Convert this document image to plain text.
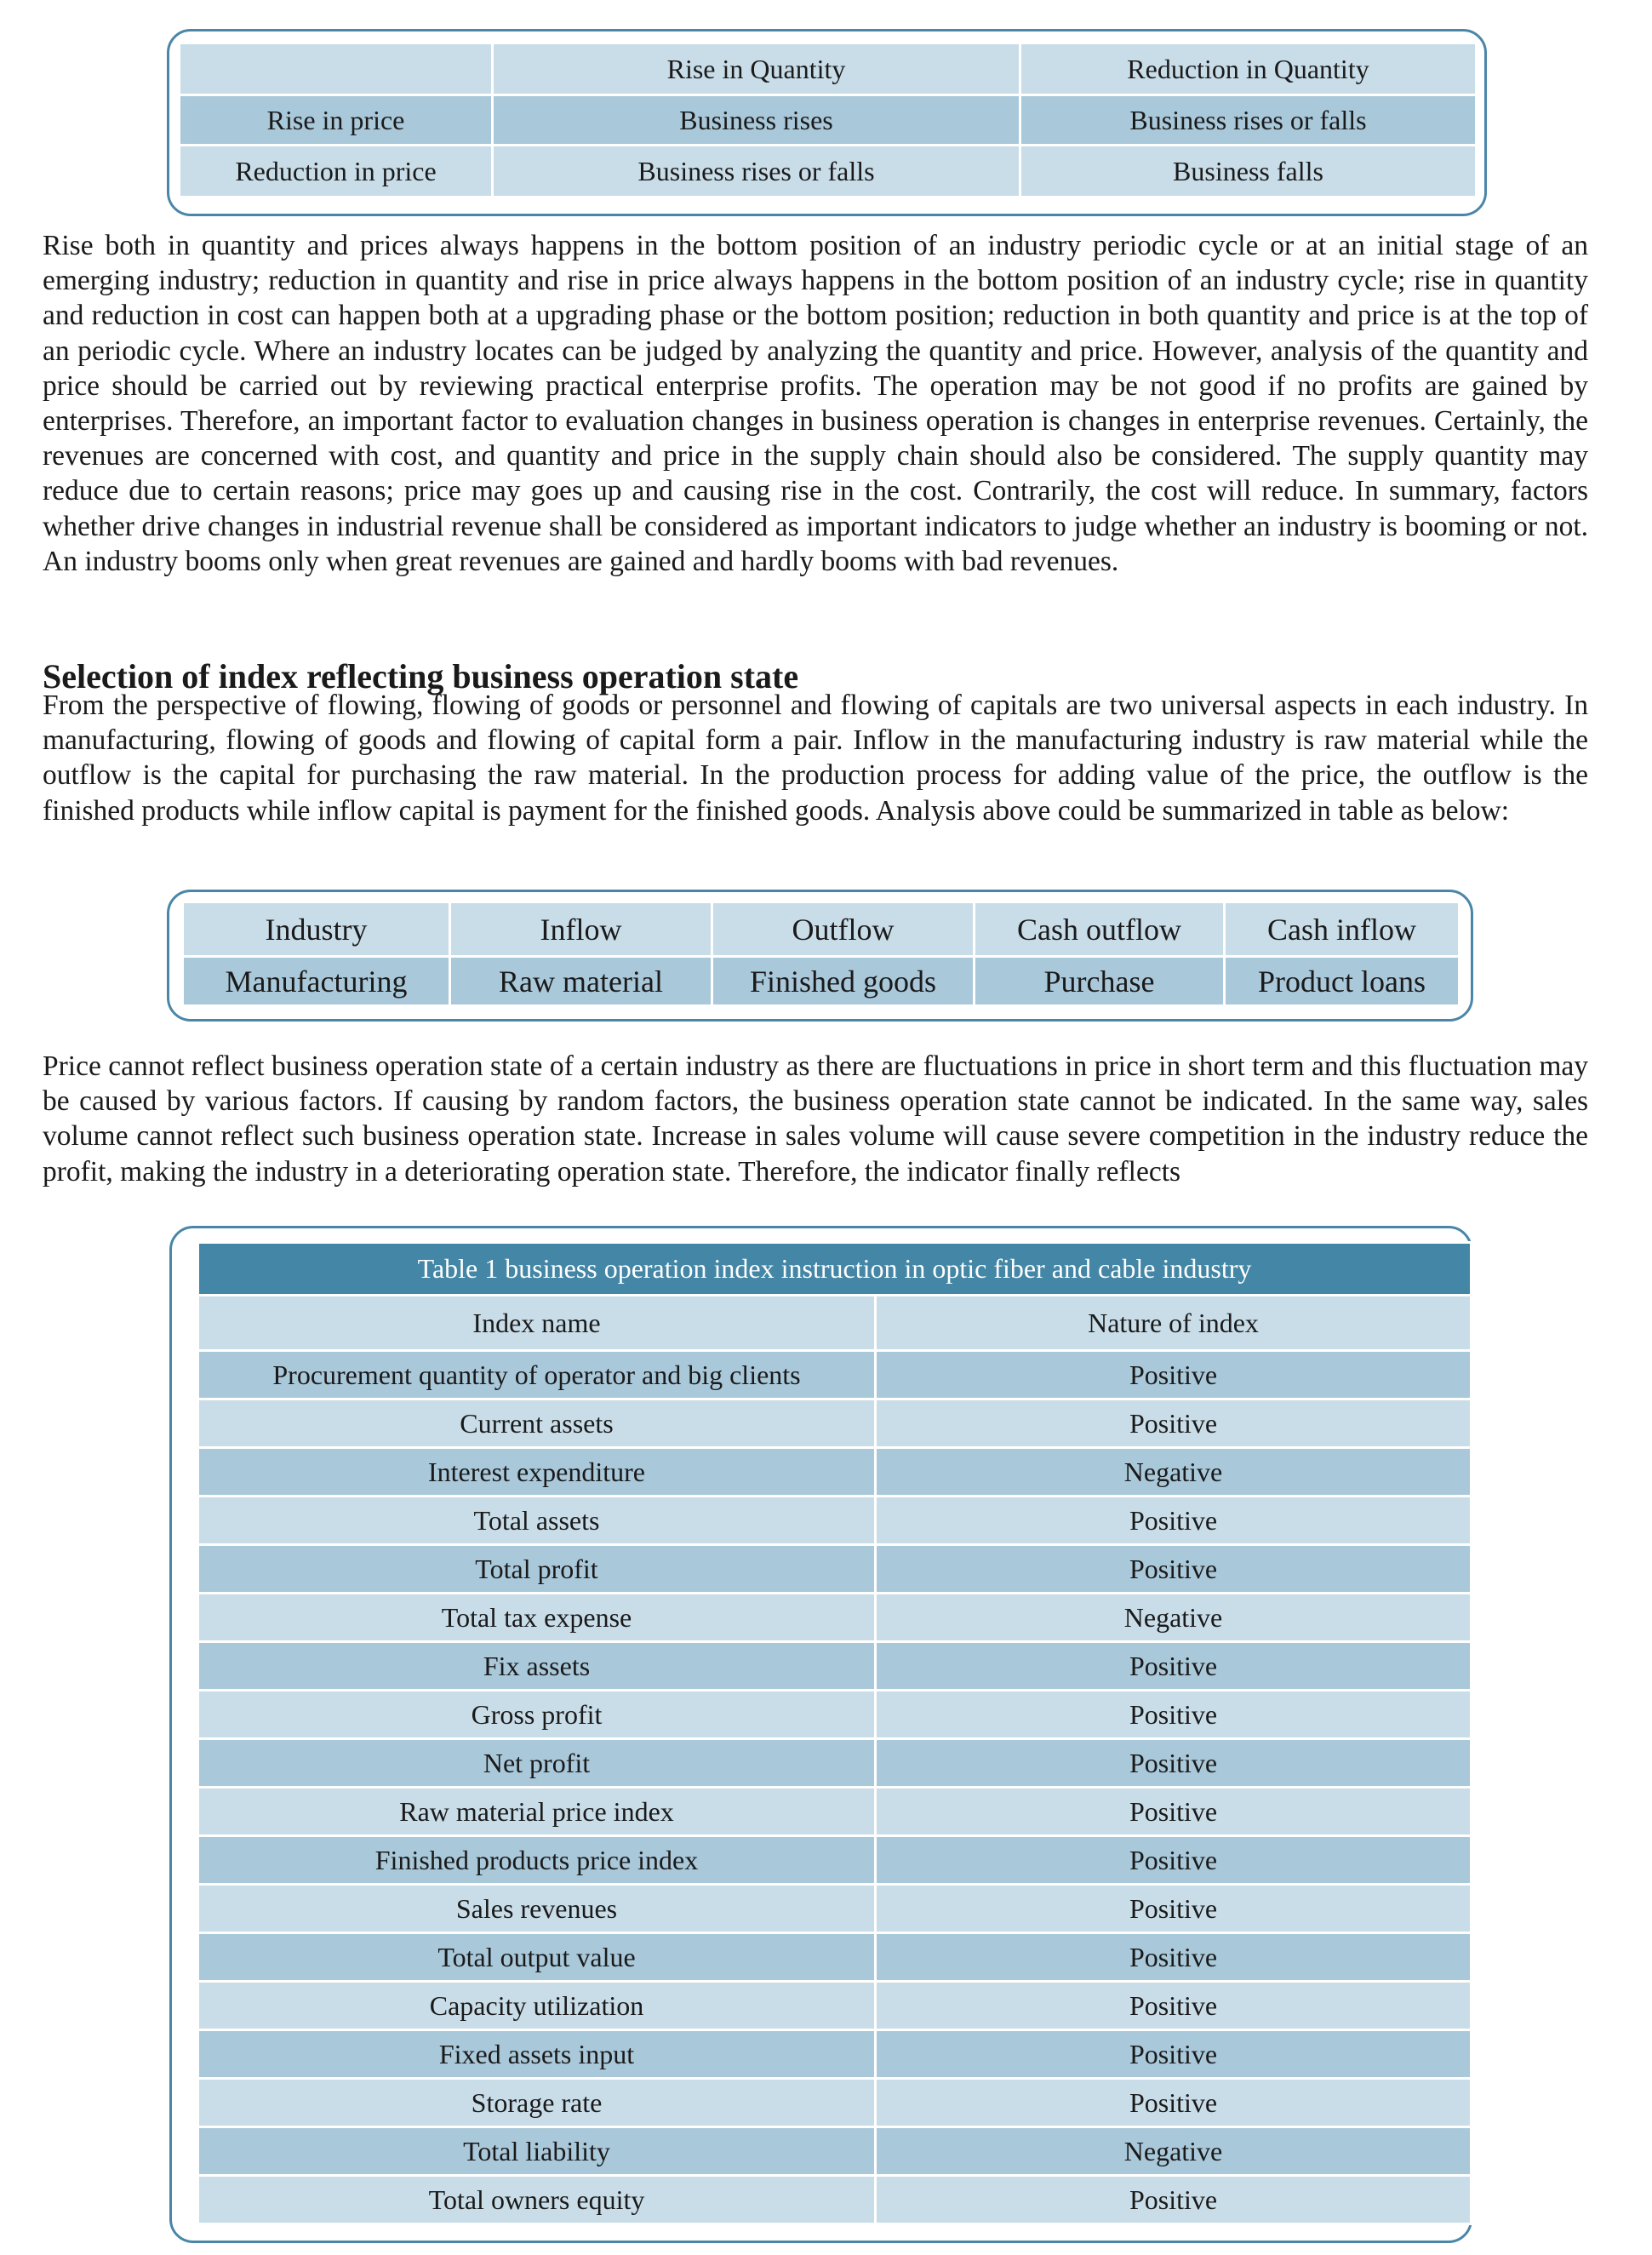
	Rise in Quantity	Reduction in Quantity
Rise in price	Business rises	Business rises or falls
Reduction in price	Business rises or falls	Business falls

Rise both in quantity and prices always happens in the bottom position of an industry periodic cycle or at an initial stage of an emerging industry; reduction in quantity and rise in price always happens in the bottom position of an industry cycle; rise in quantity and reduction in cost can happen both at a upgrading phase or the bottom position; reduction in both quantity and price is at the top of an periodic cycle. Where an industry locates can be judged by analyzing the quantity and price. However, analysis of the quantity and price should be carried out by reviewing practical enterprise profits. The operation may be not good if no profits are gained by enterprises. Therefore, an important factor to evaluation changes in business operation is changes in enterprise revenues. Certainly, the revenues are concerned with cost, and quantity and price in the supply chain should also be considered. The supply quantity may reduce due to certain reasons; price may goes up and causing rise in the cost. Contrarily, the cost will reduce. In summary, factors whether drive changes in industrial revenue shall be considered as important indicators to judge whether an industry is booming or not. An industry booms only when great revenues are gained and hardly booms with bad revenues.

Selection of index reflecting business operation state

From the perspective of flowing, flowing of goods or personnel and flowing of capitals are two universal aspects in each industry. In manufacturing, flowing of goods and flowing of capital form a pair. Inflow in the manufacturing industry is raw material while the outflow is the capital for purchasing the raw material. In the production process for adding value of the price, the outflow is the finished products while inflow capital is payment for the finished goods. Analysis above could be summarized in table as below:

Industry	Inflow	Outflow	Cash outflow	Cash inflow
Manufacturing	Raw material	Finished goods	Purchase	Product loans

Price cannot reflect business operation state of a certain industry as there are fluctuations in price in short term and this fluctuation may be caused by various factors. If causing by random factors, the business operation state cannot be indicated. In the same way, sales volume cannot reflect such business operation state. Increase in sales volume will cause severe competition in the industry reduce the profit, making the industry in a deteriorating operation state. Therefore, the indicator finally reflects

Table 1 business operation index instruction in optic fiber and cable industry	
Index name	Nature of index
Procurement quantity of operator and big clients	Positive
Current assets	Positive
Interest expenditure	Negative
Total assets	Positive
Total profit	Positive
Total tax expense	Negative
Fix assets	Positive
Gross profit	Positive
Net profit	Positive
Raw material price index	Positive
Finished products price index	Positive
Sales revenues	Positive
Total output value	Positive
Capacity utilization	Positive
Fixed assets input	Positive
Storage rate	Positive
Total liability	Negative
Total owners equity	Positive
